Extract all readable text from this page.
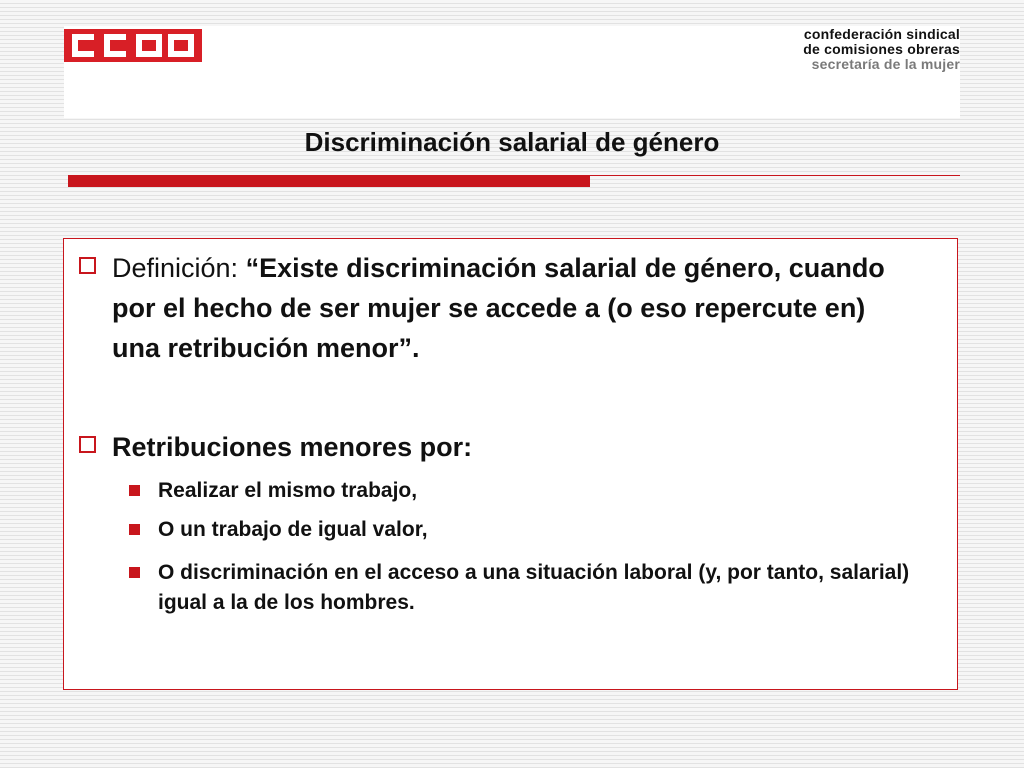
confederación sindical
de comisiones obreras
secretaría de la mujer
Discriminación salarial de género
Definición: “Existe discriminación salarial de género, cuando por el hecho de ser mujer se accede a (o eso repercute en) una retribución menor”.
Retribuciones menores por:
Realizar el mismo trabajo,
O un trabajo de igual valor,
O discriminación en el acceso a una situación laboral (y, por tanto, salarial) igual a la de los hombres.
